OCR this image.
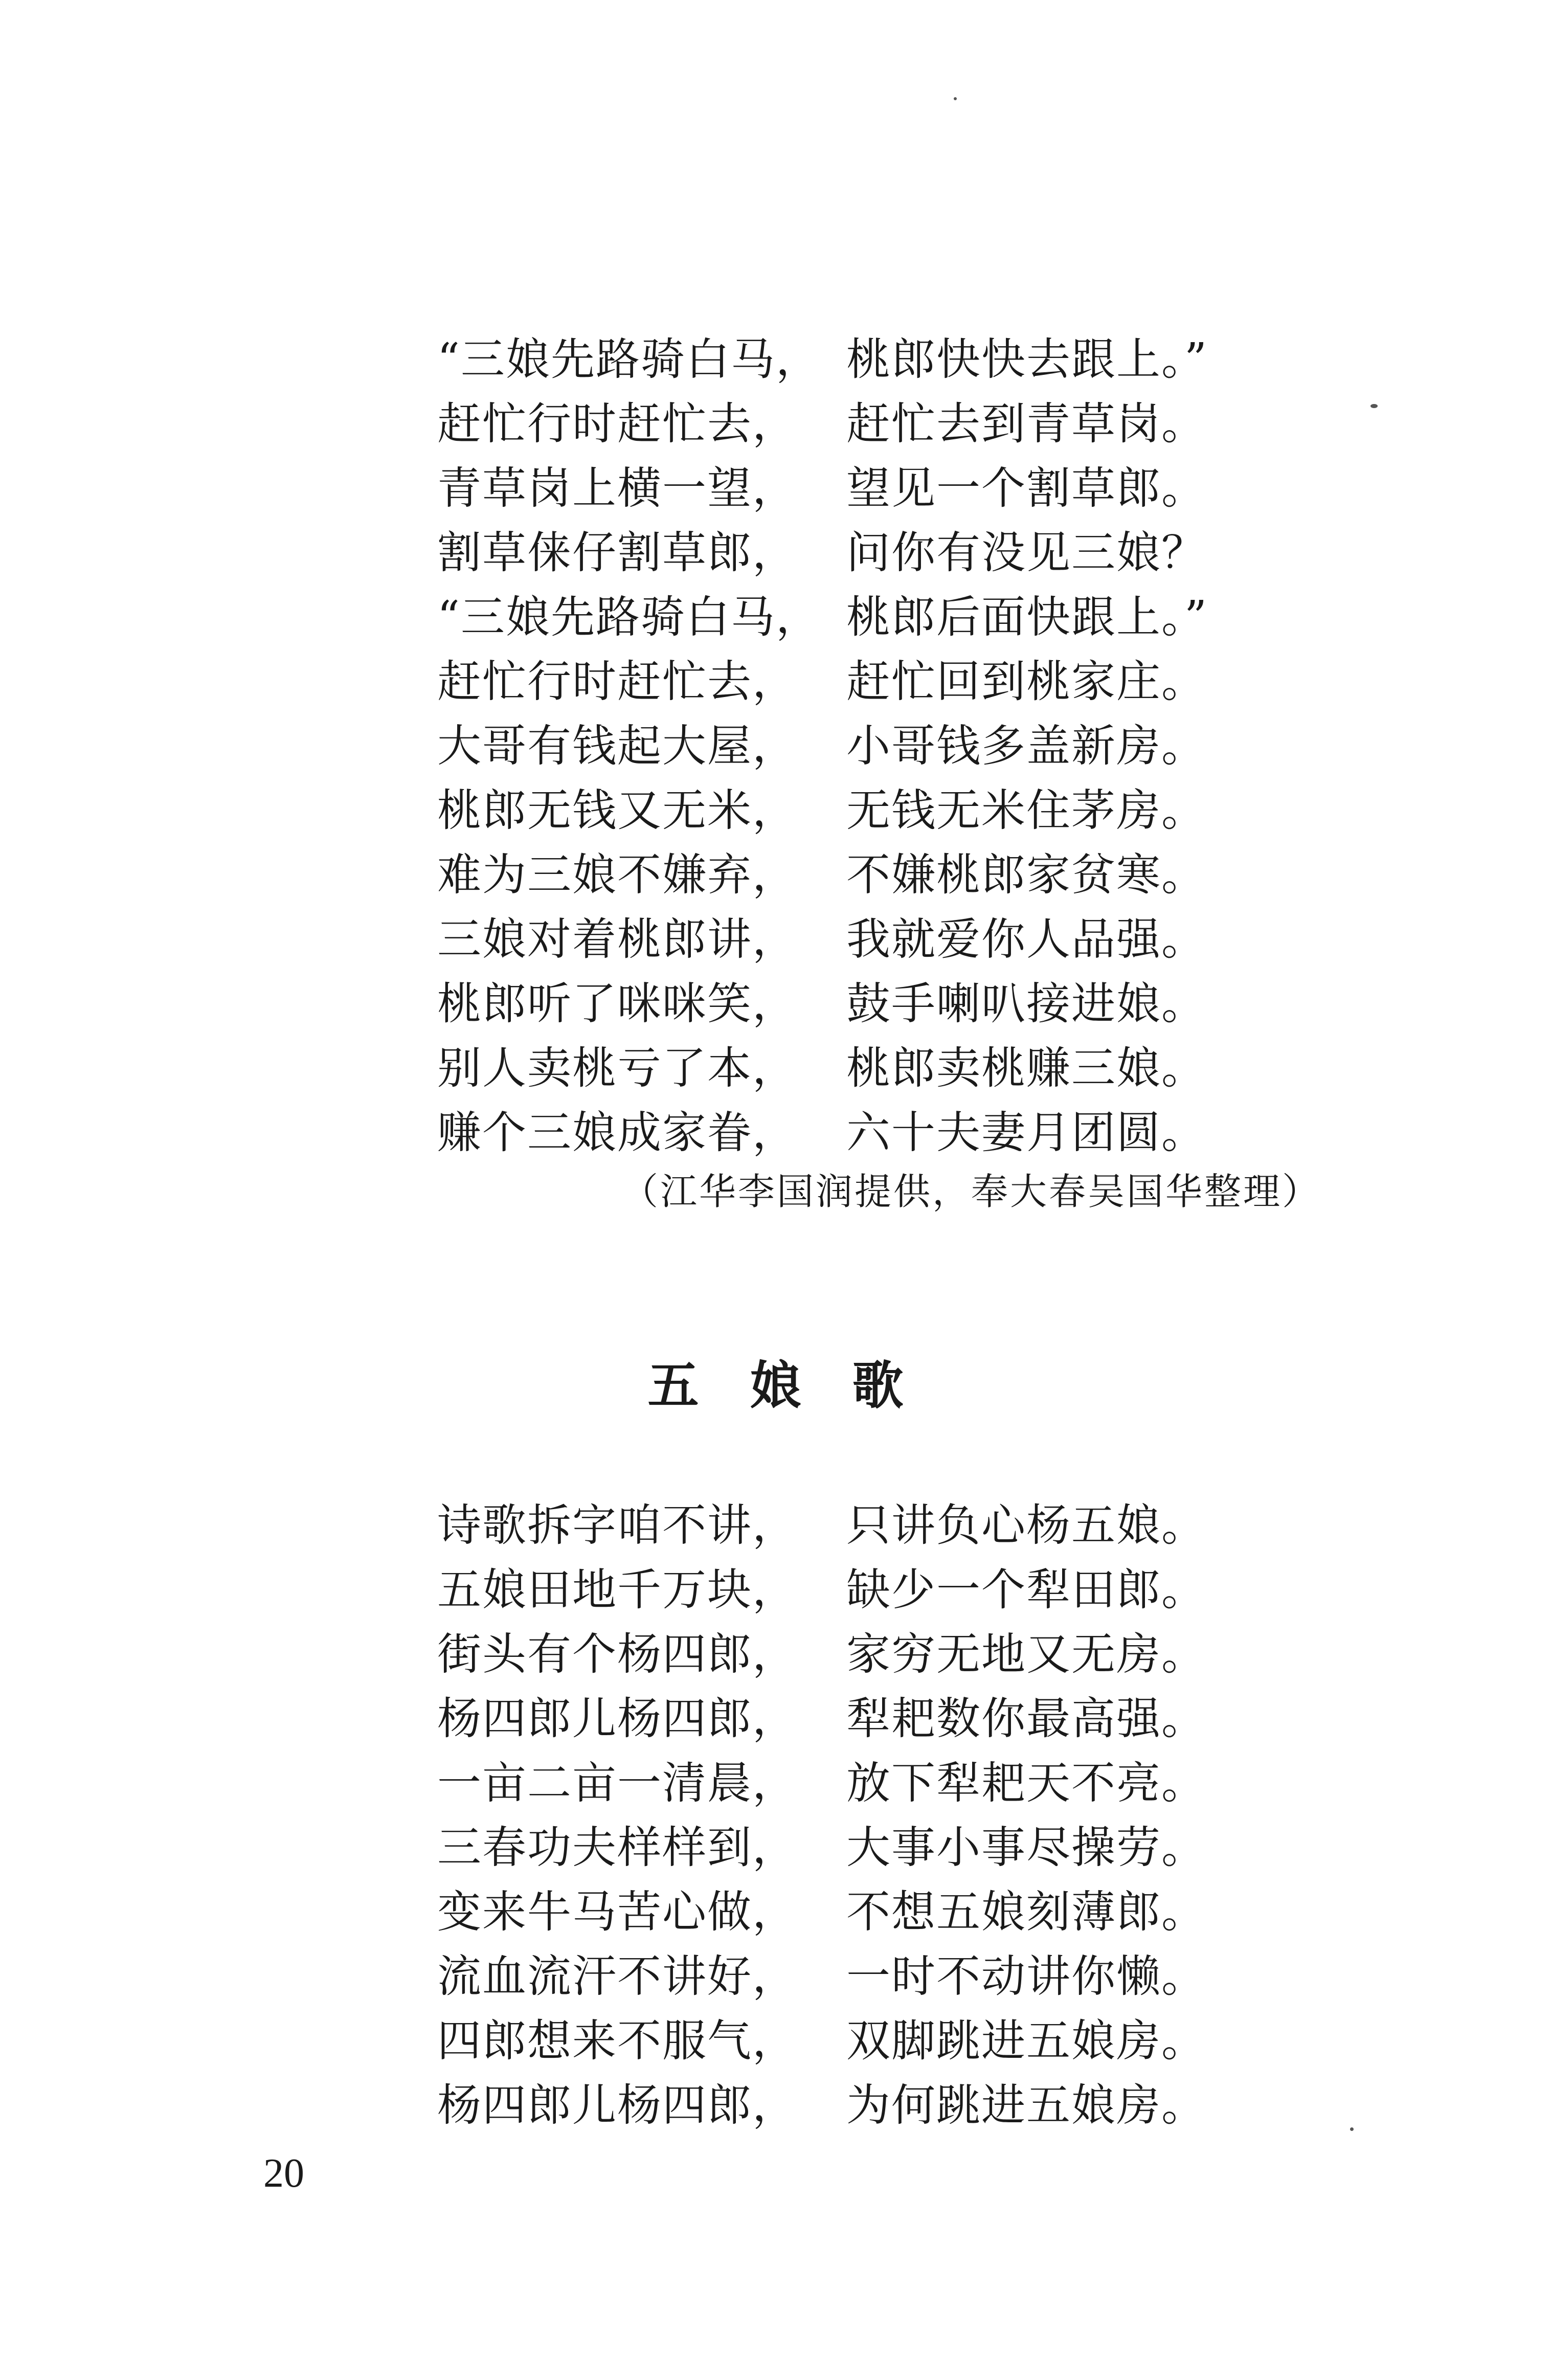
“三娘先路骑白马， 桃郎快快去跟上。”
赶忙行时赶忙去， 赶忙去到青草岗。
青草岗上横一望， 望见一个割草郎。
割草俫仔割草郎， 问你有没见三娘？
“三娘先路骑白马， 桃郎后面快跟上。”
赶忙行时赶忙去， 赶忙回到桃家庄。
大哥有钱起大屋， 小哥钱多盖新房。
桃郎无钱又无米， 无钱无米住茅房。
难为三娘不嫌弃， 不嫌桃郎家贫寒。
三娘对着桃郎讲， 我就爱你人品强。
桃郎听了咪咪笑， 鼓手喇叭接进娘。
别人卖桃亏了本， 桃郎卖桃赚三娘。
赚个三娘成家眷， 六十夫妻月团圆。
（江华李国润提供，奉大春吴国华整理）
五娘歌
诗歌拆字咱不讲， 只讲负心杨五娘。
五娘田地千万块， 缺少一个犁田郎。
街头有个杨四郎， 家穷无地又无房。
杨四郎儿杨四郎， 犁耙数你最高强。
一亩二亩一清晨， 放下犁耙天不亮。
三春功夫样样到， 大事小事尽操劳。
变来牛马苦心做， 不想五娘刻薄郎。
流血流汗不讲好， 一时不动讲你懒。
四郎想来不服气， 双脚跳进五娘房。
杨四郎儿杨四郎， 为何跳进五娘房。
20
